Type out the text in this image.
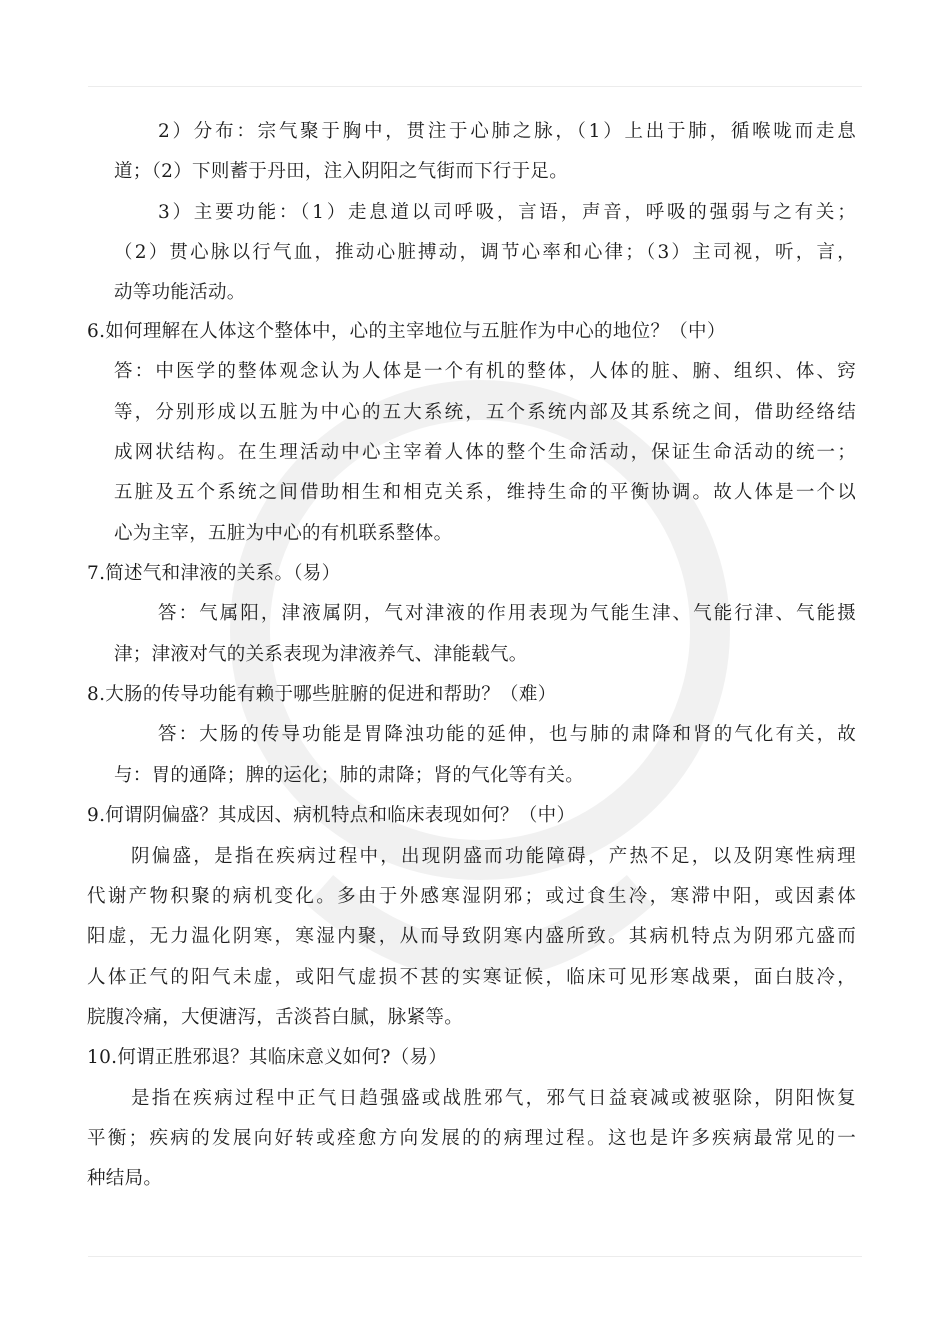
2）分布：宗气聚于胸中，贯注于心肺之脉，（1）上出于肺，循喉咙而走息
道；（2）下则蓄于丹田，注入阴阳之气街而下行于足。
3）主要功能：（1）走息道以司呼吸，言语，声音，呼吸的强弱与之有关；
（2）贯心脉以行气血，推动心脏搏动，调节心率和心律；（3）主司视，听，言，
动等功能活动。
6.如何理解在人体这个整体中，心的主宰地位与五脏作为中心的地位？（中）
答：中医学的整体观念认为人体是一个有机的整体，人体的脏、腑、组织、体、窍
等，分别形成以五脏为中心的五大系统，五个系统内部及其系统之间，借助经络结
成网状结构。在生理活动中心主宰着人体的整个生命活动，保证生命活动的统一；
五脏及五个系统之间借助相生和相克关系，维持生命的平衡协调。故人体是一个以
心为主宰，五脏为中心的有机联系整体。
7.简述气和津液的关系。（易）
答：气属阳，津液属阴，气对津液的作用表现为气能生津、气能行津、气能摄
津；津液对气的关系表现为津液养气、津能载气。
8.大肠的传导功能有赖于哪些脏腑的促进和帮助？（难）
答：大肠的传导功能是胃降浊功能的延伸，也与肺的肃降和肾的气化有关，故
与：胃的通降；脾的运化；肺的肃降；肾的气化等有关。
9.何谓阴偏盛？其成因、病机特点和临床表现如何？（中）
阴偏盛，是指在疾病过程中，出现阴盛而功能障碍，产热不足，以及阴寒性病理
代谢产物积聚的病机变化。多由于外感寒湿阴邪；或过食生冷，寒滞中阳，或因素体
阳虚，无力温化阴寒，寒湿内聚，从而导致阴寒内盛所致。其病机特点为阴邪亢盛而
人体正气的阳气未虚，或阳气虚损不甚的实寒证候，临床可见形寒战栗，面白肢冷，
脘腹冷痛，大便溏泻，舌淡苔白腻，脉紧等。
10.何谓正胜邪退？其临床意义如何?（易）
是指在疾病过程中正气日趋强盛或战胜邪气，邪气日益衰减或被驱除，阴阳恢复
平衡；疾病的发展向好转或痊愈方向发展的的病理过程。这也是许多疾病最常见的一
种结局。
